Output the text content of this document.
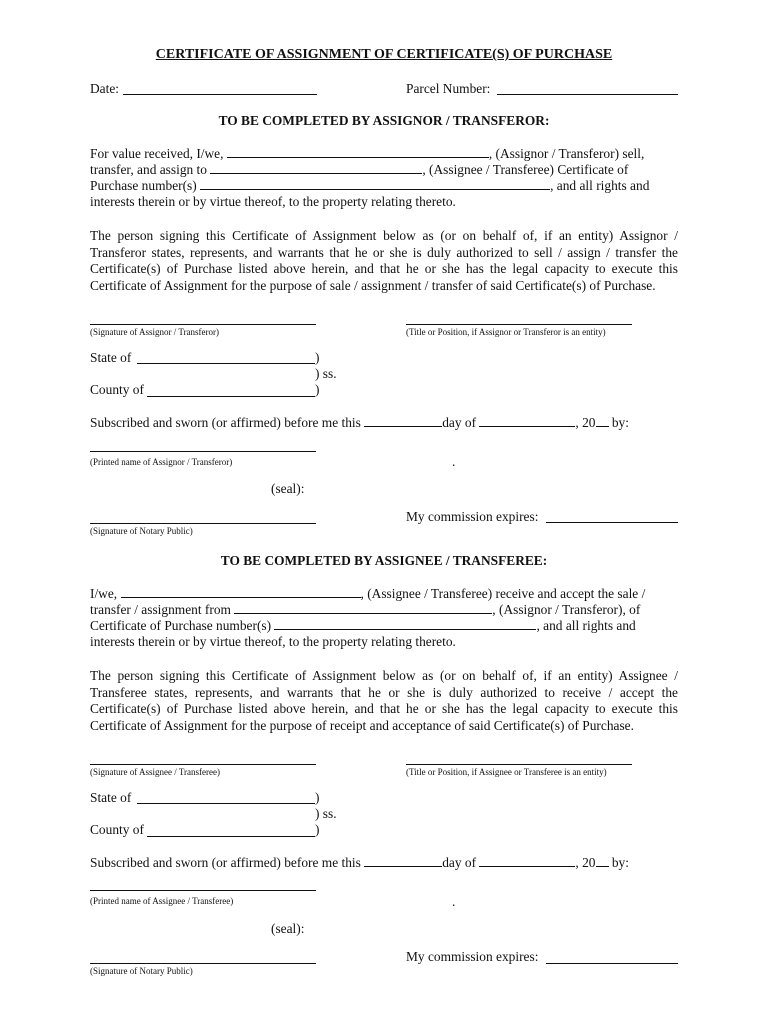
CERTIFICATE OF ASSIGNMENT OF CERTIFICATE(S) OF PURCHASE
Date:	Parcel Number:
TO BE COMPLETED BY ASSIGNOR / TRANSFEROR:
For value received, I/we,	, (Assignor / Transferor) sell,
transfer, and assign to	, (Assignee / Transferee) Certificate of
Purchase number(s)	, and all rights and
interests therein or by virtue thereof, to the property relating thereto.
The person signing this Certificate of Assignment below as (or on behalf of, if an entity) Assignor / Transferor states, represents, and warrants that he or she is duly authorized to sell / assign / transfer the Certificate(s) of Purchase listed above herein, and that he or she has the legal capacity to execute this Certificate of Assignment for the purpose of sale / assignment / transfer of said Certificate(s) of Purchase.
(Signature of Assignor / Transferor)	(Title or Position, if Assignor or Transferor is an entity)
State of	)
) ss.
County of	)
Subscribed and sworn (or affirmed) before me this	day of	, 20 by:
(Printed name of Assignor / Transferor)	.
(seal):
My commission expires:
(Signature of Notary Public)
TO BE COMPLETED BY ASSIGNEE / TRANSFEREE:
I/we,	, (Assignee / Transferee) receive and accept the sale /
transfer / assignment from	, (Assignor / Transferor), of
Certificate of Purchase number(s)	, and all rights and
interests therein or by virtue thereof, to the property relating thereto.
The person signing this Certificate of Assignment below as (or on behalf of, if an entity) Assignee / Transferee states, represents, and warrants that he or she is duly authorized to receive / accept the Certificate(s) of Purchase listed above herein, and that he or she has the legal capacity to execute this Certificate of Assignment for the purpose of receipt and acceptance of said Certificate(s) of Purchase.
(Signature of Assignee / Transferee)	(Title or Position, if Assignee or Transferee is an entity)
State of	)
) ss.
County of	)
Subscribed and sworn (or affirmed) before me this	day of	, 20 by:
(Printed name of Assignee / Transferee)	.
(seal):
My commission expires:
(Signature of Notary Public)
